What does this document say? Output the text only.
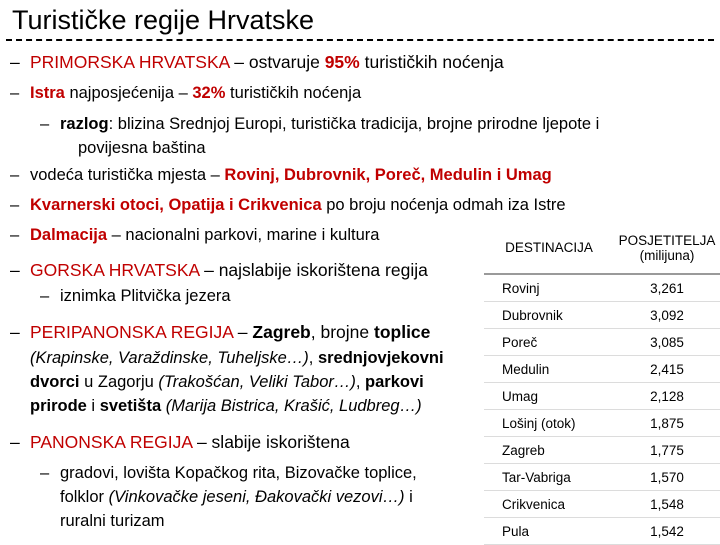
Turističke regije Hrvatske
– PRIMORSKA HRVATSKA – ostvaruje 95% turističkih noćenja
– Istra najposjećenija – 32% turističkih noćenja
– razlog: blizina Srednjoj Europi, turistička tradicija, brojne prirodne ljepote i
povijesna baština
– vodeća turistička mjesta – Rovinj, Dubrovnik, Poreč, Medulin i Umag
– Kvarnerski otoci, Opatija i Crikvenica po broju noćenja odmah iza Istre
– Dalmacija – nacionalni parkovi, marine i kultura
– GORSKA HRVATSKA – najslabije iskorištena regija
– iznimka Plitvička jezera
– PERIPANONSKA REGIJA – Zagreb, brojne toplice
(Krapinske, Varaždinske, Tuheljske…), srednjovjekovni
dvorci u Zagorju (Trakošćan, Veliki Tabor…), parkovi
prirode i svetišta (Marija Bistrica, Krašić, Ludbreg…)
– PANONSKA REGIJA – slabije iskorištena
– gradovi, lovišta Kopačkog rita, Bizovačke toplice,
folklor (Vinkovačke jeseni, Đakovački vezovi…) i
ruralni turizam
DESTINACIJA	POSJETITELJA
(milijuna)

Rovinj	3,261
Dubrovnik	3,092
Poreč	3,085
Medulin	2,415
Umag	2,128
Lošinj (otok)	1,875
Zagreb	1,775
Tar-Vabriga	1,570
Crikvenica	1,548
Pula	1,542
